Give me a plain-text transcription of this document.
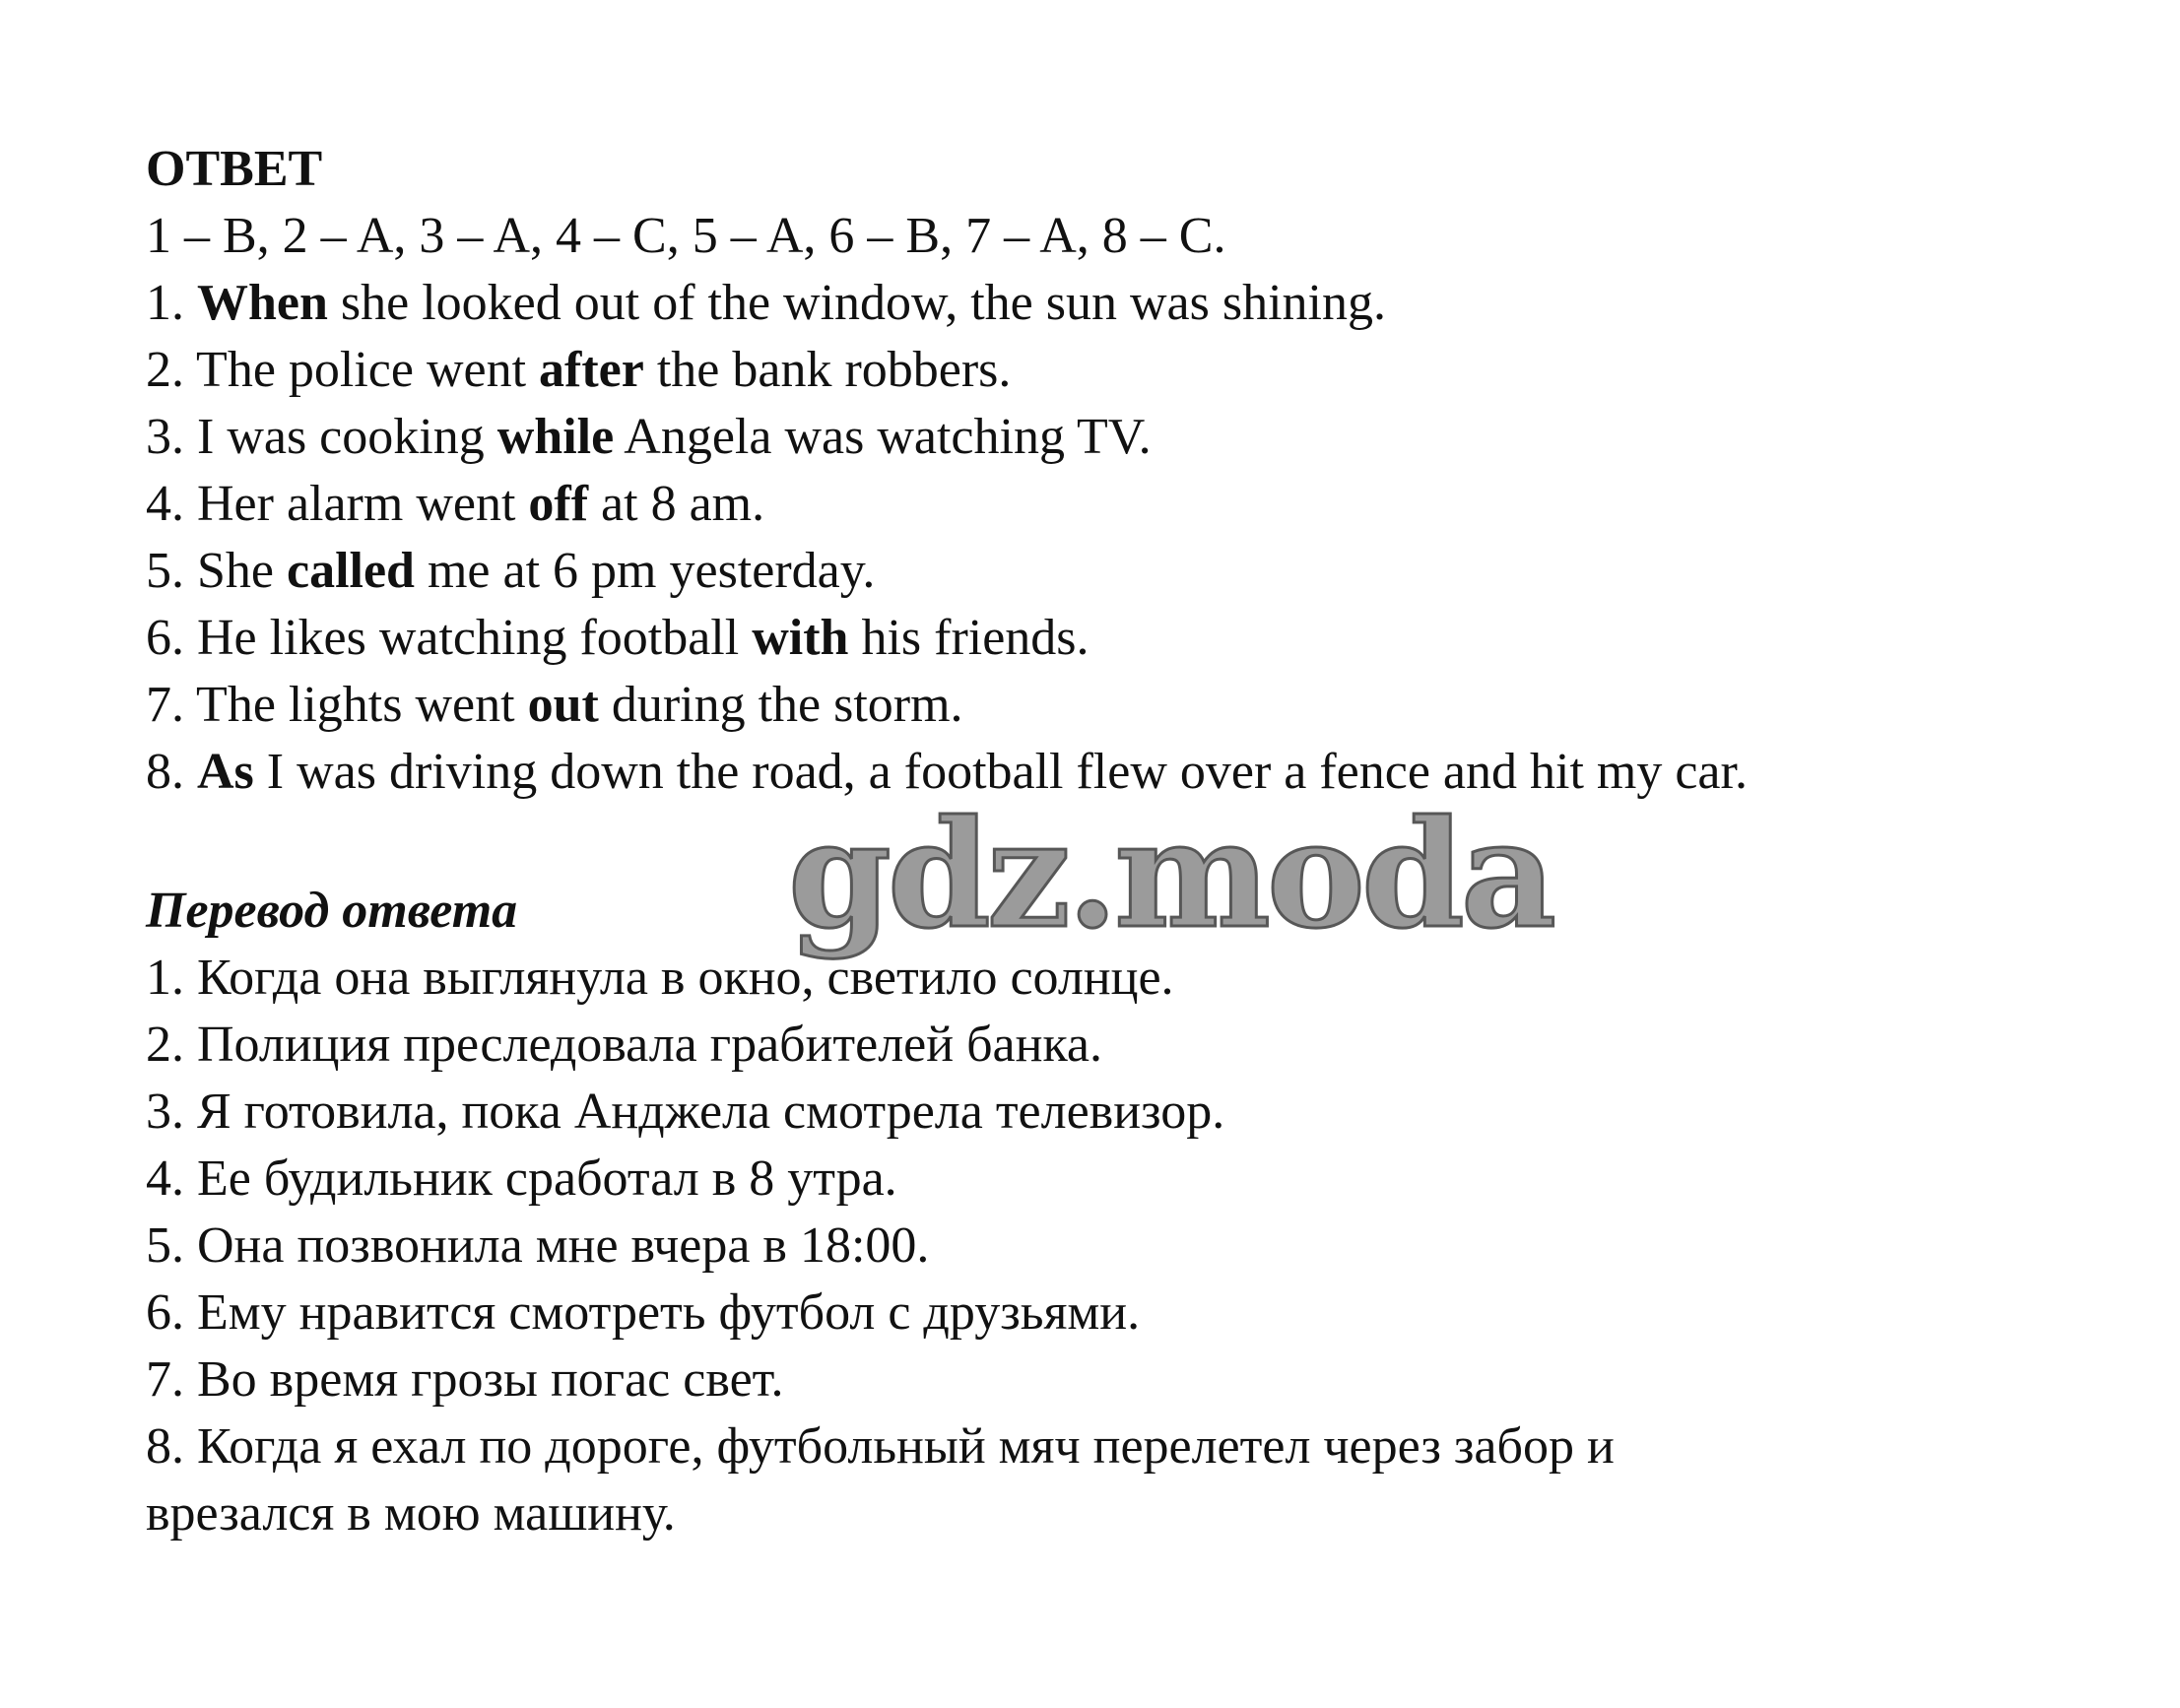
ОТВЕТ
1 – B, 2 – A, 3 – A, 4 – C, 5 – A, 6 – B, 7 – A, 8 – C.
1. When she looked out of the window, the sun was shining.
2. The police went after the bank robbers.
3. I was cooking while Angela was watching TV.
4. Her alarm went off at 8 am.
5. She called me at 6 pm yesterday.
6. He likes watching football with his friends.
7. The lights went out during the storm.
8. As I was driving down the road, a football flew over a fence and hit my car.
gdz.moda
Перевод ответа
1. Когда она выглянула в окно, светило солнце.
2. Полиция преследовала грабителей банка.
3. Я готовила, пока Анджела смотрела телевизор.
4. Ее будильник сработал в 8 утра.
5. Она позвонила мне вчера в 18:00.
6. Ему нравится смотреть футбол с друзьями.
7. Во время грозы погас свет.
8. Когда я ехал по дороге, футбольный мяч перелетел через забор и
врезался в мою машину.
